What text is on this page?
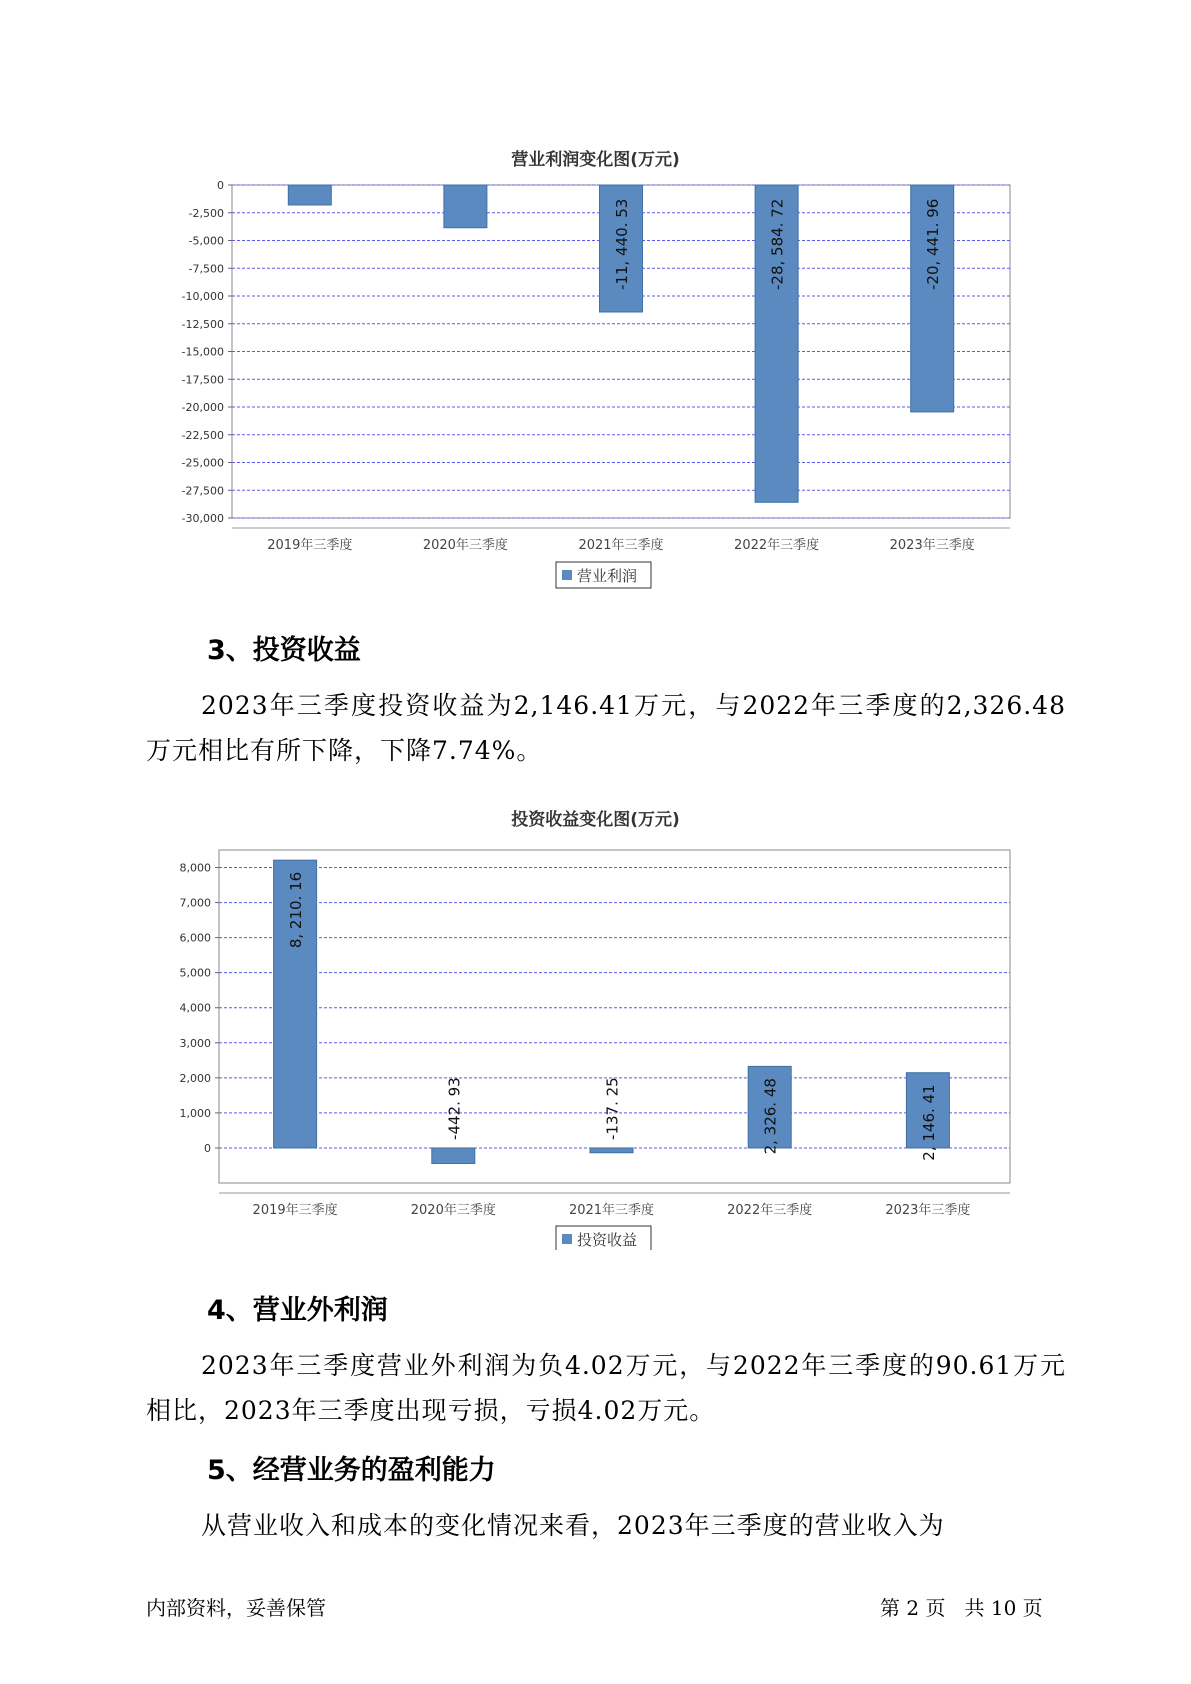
营业利润变化图(万元)
0
-2,500
-5,000
-7,500
-10,000
-12,500
-15,000
-17,500
-20,000
-22,500
-25,000
-27,500
-30,000
2019年三季度	2020年三季度
-11, 440. 53
2021年三季度
-28, 584. 72
2022年三季度
-20, 441. 96
2023年三季度
营业利润
3、投资收益

2023年三季度投资收益为2,146.41万元，与2022年三季度的2,326.48万元相比有所下降，下降7.74%。

投资收益变化图(万元)
8,000
7,000
6,000
5,000
4,000
3,000
2,000
1,000
0
8, 210. 16
2019年三季度
-442. 93
2020年三季度
-137. 25
2021年三季度
2, 326. 48
2022年三季度
2, 146. 41
2023年三季度
投资收益
4、营业外利润

2023年三季度营业外利润为负4.02万元，与2022年三季度的90.61万元相比，2023年三季度出现亏损，亏损4.02万元。

5、经营业务的盈利能力

从营业收入和成本的变化情况来看，2023年三季度的营业收入为

内部资料，妥善保管	第 2 页   共 10 页
